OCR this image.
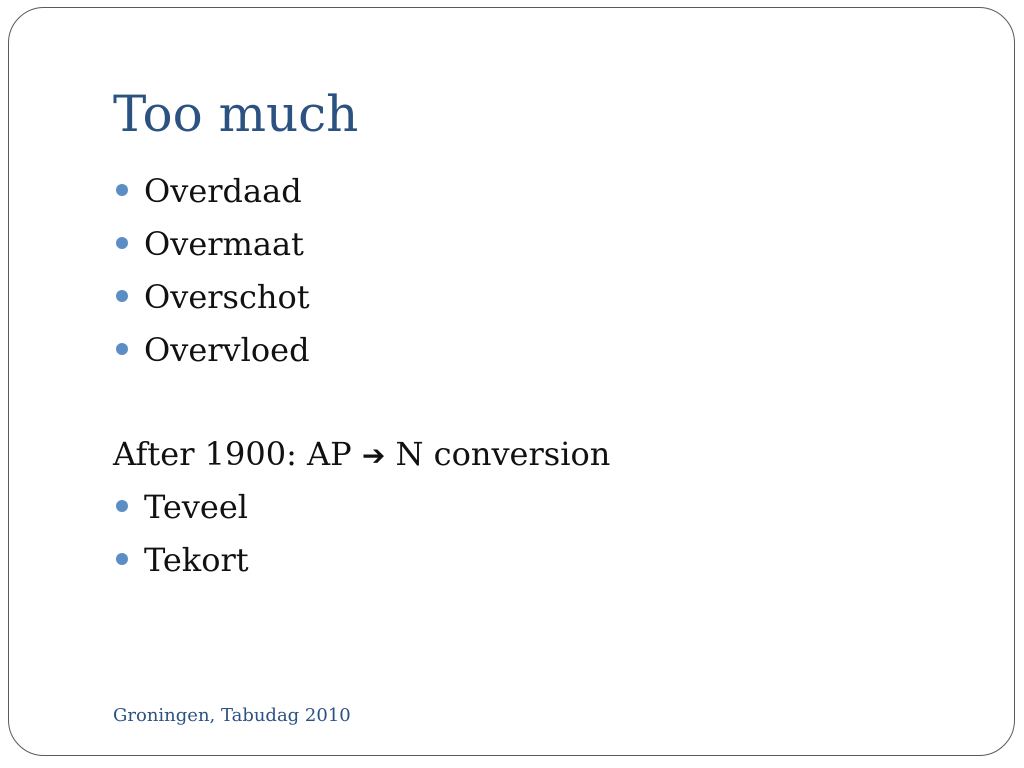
Too much
Overdaad
Overmaat
Overschot
Overvloed
After 1900: AP ➔ N conversion
Teveel
Tekort
Groningen, Tabudag 2010
